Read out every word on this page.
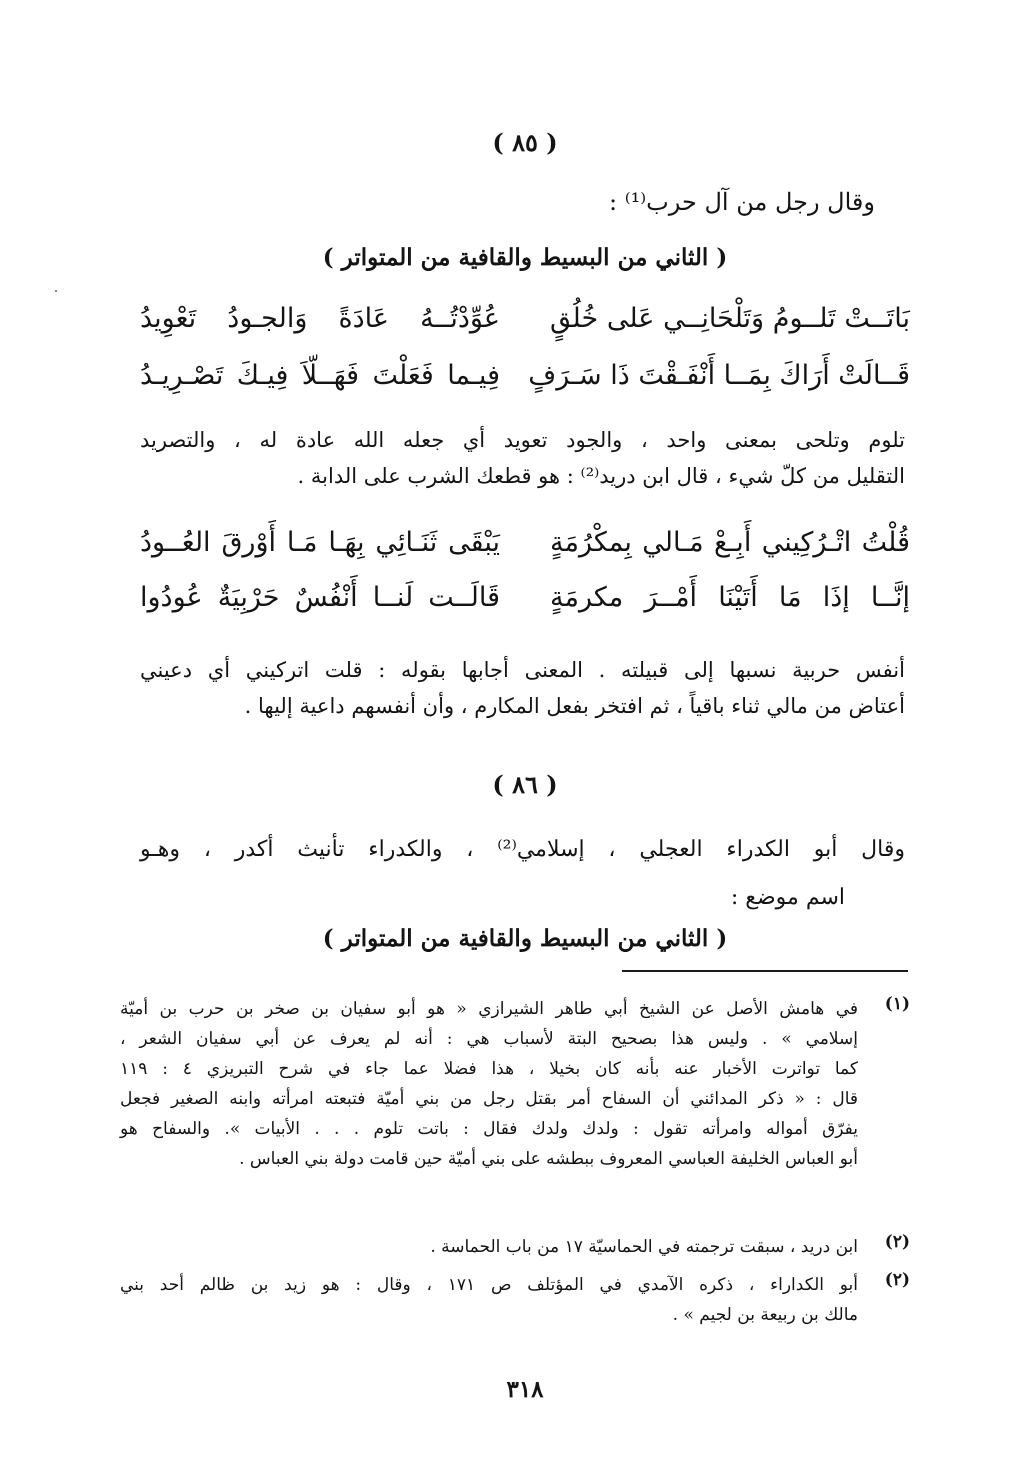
( ٨٥ )
وقال رجل من آل حرب⁽¹⁾ :
( الثاني من البسيط والقافية من المتواتر )
بَاتَــتْ تَلــومُ وَتَلْحَانِــي عَلى خُلُقٍ
عُوِّدْتُــهُ عَادَةً وَالجـودُ تَعْوِيدُ
قَــالَتْ أَرَاكَ بِمَــا أَنْفَـقْتَ ذَا سَـرَفٍ
فِيـما فَعَلْتَ فَهَــلّاَ فِيـكَ تَصْـرِيـدُ
تلوم وتلحى بمعنى واحد ، والجود تعويد أي جعله الله عادة له ، والتصريد
التقليل من كلّ شيء ، قال ابن دريد⁽²⁾ : هو قطعك الشرب على الدابة .
قُلْتُ اتْـرُكِيني أَبِـعْ مَـالي بِمكْرُمَةٍ
يَبْقَى ثَنَـائِي بِهَـا مَـا أَوْرقَ العُــودُ
إنَّــا إذَا مَا أَتَيْنَا أَمْــرَ مكرمَةٍ
قَالَــت لَنــا أَنْفُسٌ حَرْبِيَةٌ عُودُوا
أنفس حربية نسبها إلى قبيلته . المعنى أجابها بقوله : قلت اتركيني أي دعيني
أعتاض من مالي ثناء باقياً ، ثم افتخر بفعل المكارم ، وأن أنفسهم داعية إليها .
( ٨٦ )
وقال أبو الكدراء العجلي ، إسلامي⁽²⁾ ، والكدراء تأنيث أكدر ، وهـو
اسم موضع :
( الثاني من البسيط والقافية من المتواتر )
(١)
في هامش الأصل عن الشيخ أبي طاهر الشيرازي « هو أبو سفيان بن صخر بن حرب بن أميّة
إسلامي » . وليس هذا بصحيح البتة لأسباب هي : أنه لم يعرف عن أبي سفيان الشعر ،
كما تواترت الأخبار عنه بأنه كان بخيلا ، هذا فضلا عما جاء في شرح التبريزي ٤ : ١١٩
قال : « ذكر المدائني أن السفاح أمر بقتل رجل من بني أميّة فتبعته امرأته وابنه الصغير فجعل
يفرّق أمواله وامرأته تقول : ولدك ولدك فقال : باتت تلوم . . . الأبيات ». والسفاح هو
أبو العباس الخليفة العباسي المعروف ببطشه على بني أميّة حين قامت دولة بني العباس .
(٢)
ابن دريد ، سبقت ترجمته في الحماسيّة ١٧ من باب الحماسة .
(٢)
أبو الكداراء ، ذكره الآمدي في المؤتلف ص ١٧١ ، وقال : هو زيد بن ظالم أحد بني
مالك بن ربيعة بن لجيم » .
٣١٨
